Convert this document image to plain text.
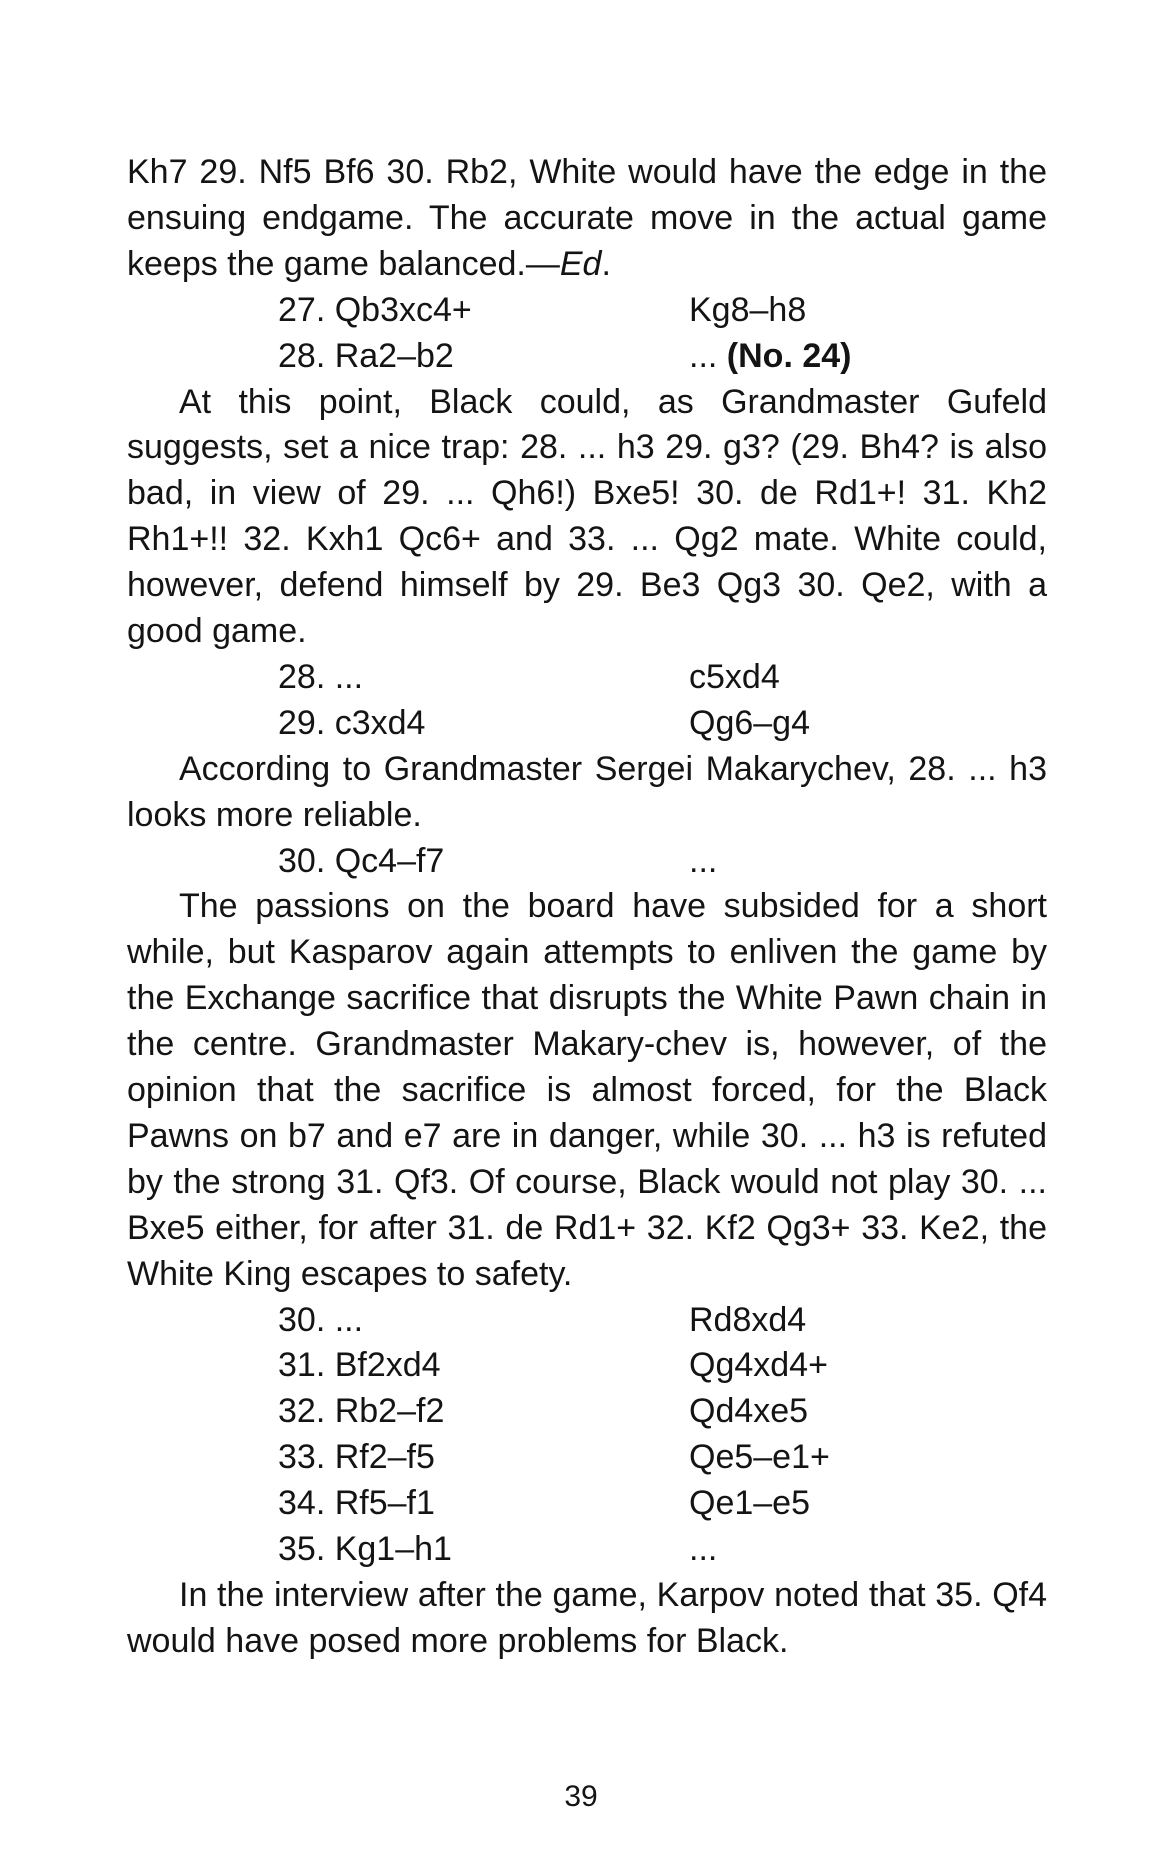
Kh7 29. Nf5 Bf6 30. Rb2, White would have the edge in the ensuing endgame. The accurate move in the actual game keeps the game balanced.—Ed.

27. Qb3xc4+	Kg8–h8
28. Ra2–b2	... (No. 24)

At this point, Black could, as Grandmaster Gufeld suggests, set a nice trap: 28. ... h3 29. g3? (29. Bh4? is also bad, in view of 29. ... Qh6!) Bxe5! 30. de Rd1+! 31. Kh2 Rh1+!! 32. Kxh1 Qc6+ and 33. ... Qg2 mate. White could, however, defend himself by 29. Be3 Qg3 30. Qe2, with a good game.

28. ...	c5xd4
29. c3xd4	Qg6–g4

According to Grandmaster Sergei Makarychev, 28. ... h3 looks more reliable.

30. Qc4–f7	...

The passions on the board have subsided for a short while, but Kasparov again attempts to enliven the game by the Exchange sacrifice that disrupts the White Pawn chain in the centre. Grandmaster Makary-chev is, however, of the opinion that the sacrifice is almost forced, for the Black Pawns on b7 and e7 are in danger, while 30. ... h3 is refuted by the strong 31. Qf3. Of course, Black would not play 30. ... Bxe5 either, for after 31. de Rd1+ 32. Kf2 Qg3+ 33. Ke2, the White King escapes to safety.

30. ...	Rd8xd4
31. Bf2xd4	Qg4xd4+
32. Rb2–f2	Qd4xe5
33. Rf2–f5	Qe5–e1+
34. Rf5–f1	Qe1–e5
35. Kg1–h1	...

In the interview after the game, Karpov noted that 35. Qf4 would have posed more problems for Black.

39
